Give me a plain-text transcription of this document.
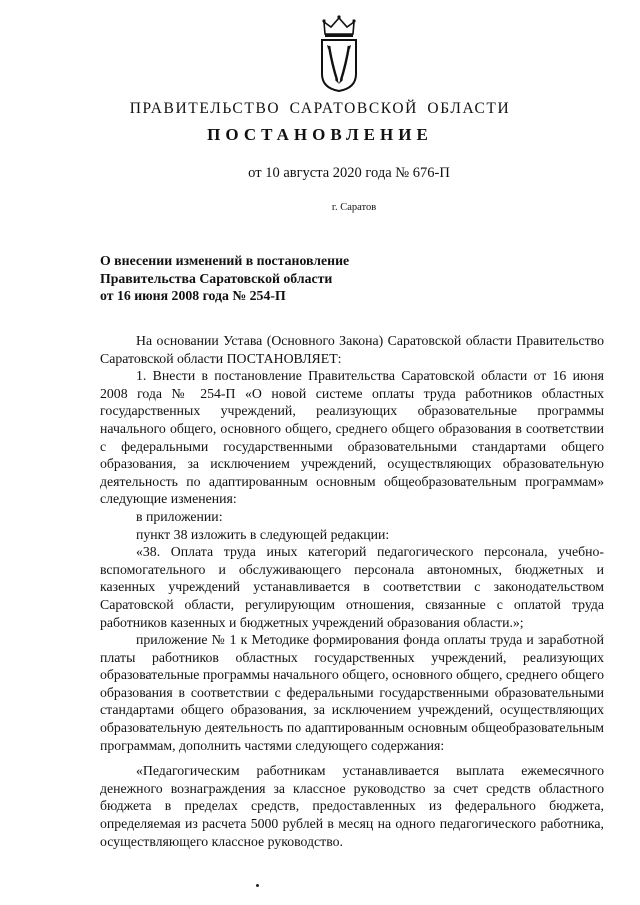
ПРАВИТЕЛЬСТВО САРАТОВСКОЙ ОБЛАСТИ
ПОСТАНОВЛЕНИЕ
от 10 августа 2020 года № 676-П
г. Саратов
О внесении изменений в постановление
Правительства Саратовской области
от 16 июня 2008 года № 254-П

На основании Устава (Основного Закона) Саратовской области Правительство Саратовской области ПОСТАНОВЛЯЕТ:

1. Внести в постановление Правительства Саратовской области от 16 июня 2008 года № 254-П «О новой системе оплаты труда работников областных государственных учреждений, реализующих образовательные программы начального общего, основного общего, среднего общего образования в соответствии с федеральными государственными образовательными стандартами общего образования, за исключением учреждений, осуществляющих образовательную деятельность по адаптированным основным общеобразовательным программам» следующие изменения:

в приложении:

пункт 38 изложить в следующей редакции:

«38. Оплата труда иных категорий педагогического персонала, учебно-вспомогательного и обслуживающего персонала автономных, бюджетных и казенных учреждений устанавливается в соответствии с законодательством Саратовской области, регулирующим отношения, связанные с оплатой труда работников казенных и бюджетных учреждений образования области.»;

приложение № 1 к Методике формирования фонда оплаты труда и заработной платы работников областных государственных учреждений, реализующих образовательные программы начального общего, основного общего, среднего общего образования в соответствии с федеральными государственными образовательными стандартами общего образования, за исключением учреждений, осуществляющих образовательную деятельность по адаптированным основным общеобразовательным программам, дополнить частями следующего содержания:

«Педагогическим работникам устанавливается выплата ежемесячного денежного вознаграждения за классное руководство за счет средств областного бюджета в пределах средств, предоставленных из федерального бюджета, определяемая из расчета 5000 рублей в месяц на одного педагогического работника, осуществляющего классное руководство.
